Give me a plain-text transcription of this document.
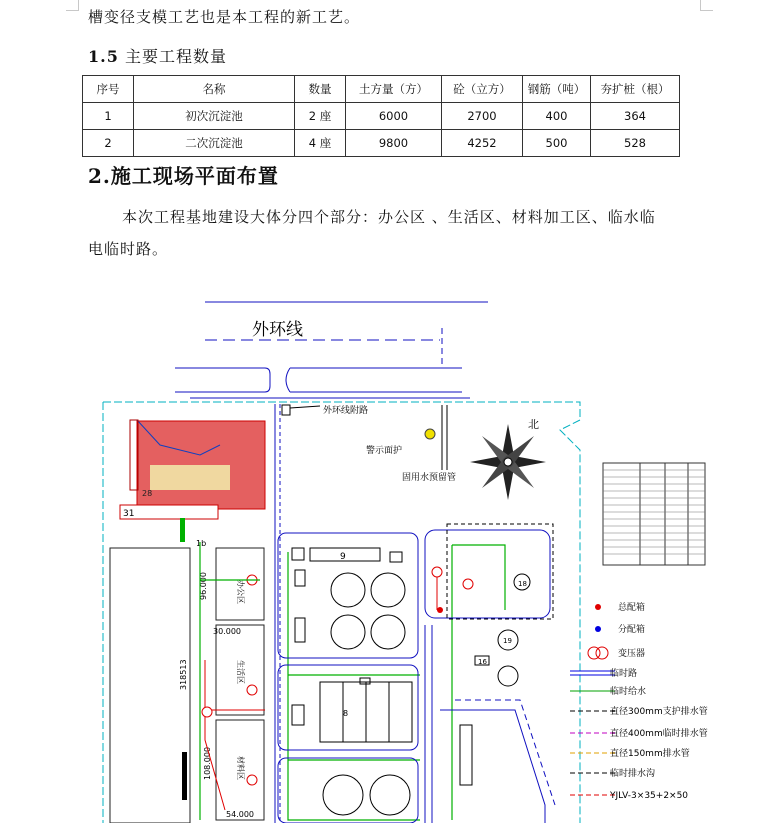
槽变径支模工艺也是本工程的新工艺。
1.5 主要工程数量
序号	名称	数量	土方量（方）	砼（立方）	钢筋（吨）	夯扩桩（根）
1	初次沉淀池	2 座	6000	2700	400	364
2	二次沉淀池	4 座	9800	4252	500	528
2.施工现场平面布置
本次工程基地建设大体分四个部分：办公区 、生活区、材料加工区、临水临
电临时路。
外环线
31
28
外环线附路
警示面护
固用水预留管
北
办公区
生活区
材料区
96.000
30.000
318513
108.000
54.000
1b
9
8
18
19
16
总配箱
分配箱
变压器
临时路
临时给水
直径300mm支护排水管
直径400mm临时排水管
直径150mm排水管
临时排水沟
YJLV-3×35+2×50
